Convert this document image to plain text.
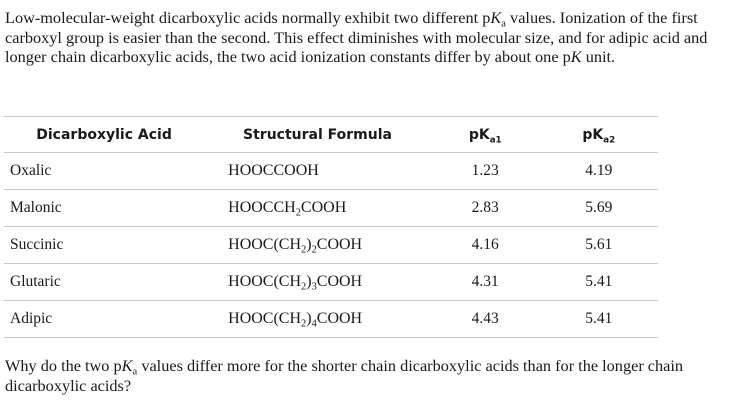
Low-molecular-weight dicarboxylic acids normally exhibit two different $pK_a$ values. Ionization of the first carboxyl group is easier than the second. This effect diminishes with molecular size, and for adipic acid and longer chain dicarboxylic acids, the two acid ionization constants differ by about one pK unit.

Dicarboxylic Acid	Structural Formula	$pK_{a1}$	$pK_{a2}$
Oxalic	HOOCCOOH	1.23	4.19
Malonic	$HOOCCH_2COOH$	2.83	5.69
Succinic	$HOOC(CH_2)_2COOH$	4.16	5.61
Glutaric	$HOOC(CH_2)_3COOH$	4.31	5.41
Adipic	$HOOC(CH_2)_4COOH$	4.43	5.41

Why do the two $pK_a$ values differ more for the shorter chain dicarboxylic acids than for the longer chain dicarboxylic acids?
